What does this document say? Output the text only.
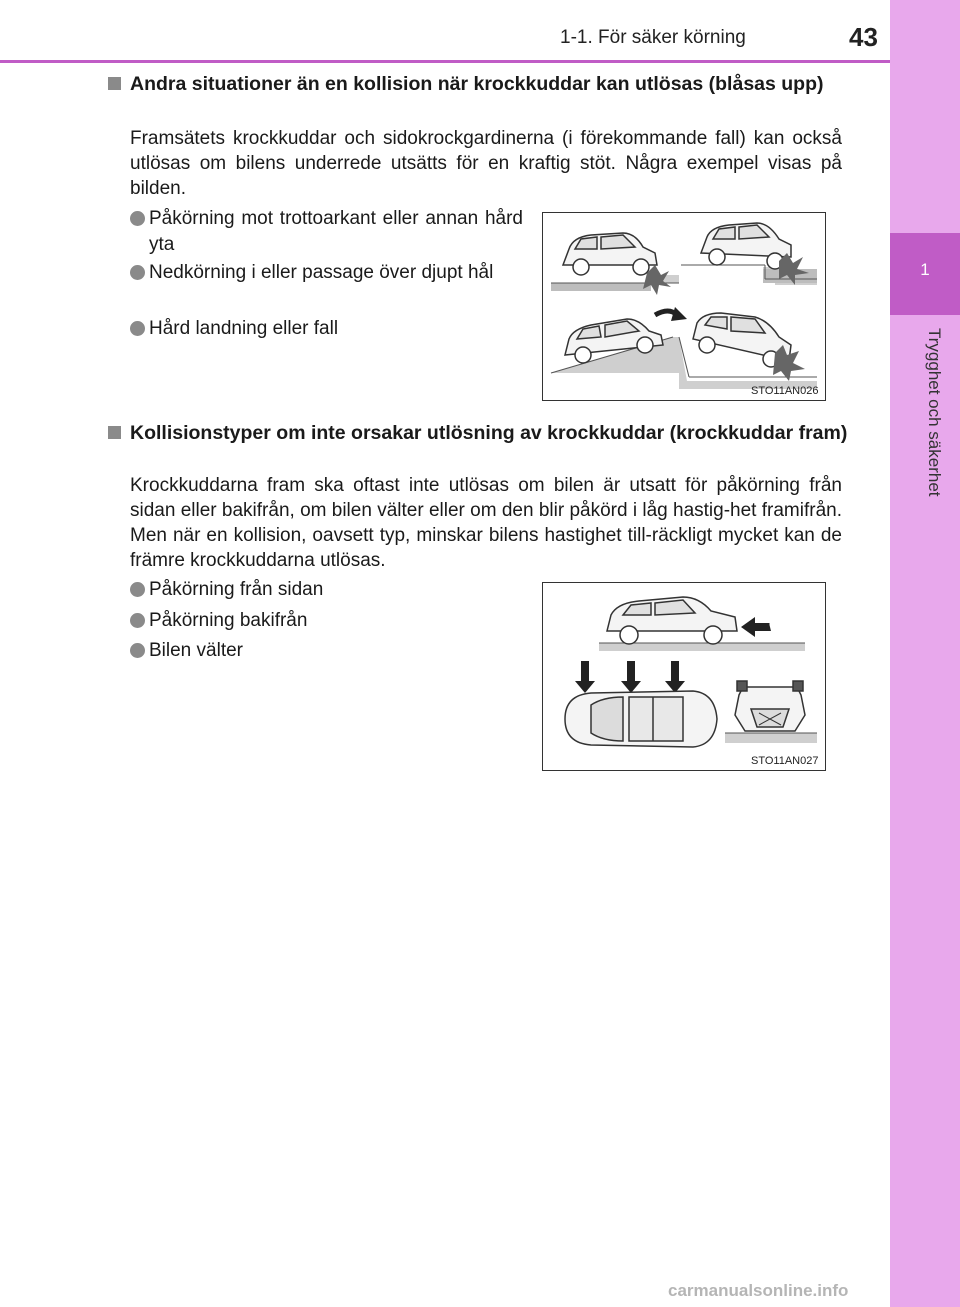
1-1. För säker körning	43
1
Trygghet och säkerhet
Andra situationer än en kollision när krockkuddar kan utlösas (blåsas upp)
Framsätets krockkuddar och sidokrockgardinerna (i förekommande fall) kan också utlösas om bilens underrede utsätts för en kraftig stöt. Några exempel visas på bilden.
Påkörning mot trottoarkant eller annan hård yta
Nedkörning i eller passage över djupt hål
Hård landning eller fall
STO11AN026
Kollisionstyper om inte orsakar utlösning av krockkuddar (krockkuddar fram)
Krockkuddarna fram ska oftast inte utlösas om bilen är utsatt för påkörning från sidan eller bakifrån, om bilen välter eller om den blir påkörd i låg hastig-het framifrån. Men när en kollision, oavsett typ, minskar bilens hastighet till-räckligt mycket kan de främre krockkuddarna utlösas.
Påkörning från sidan
Påkörning bakifrån
Bilen välter
STO11AN027
carmanualsonline.info
